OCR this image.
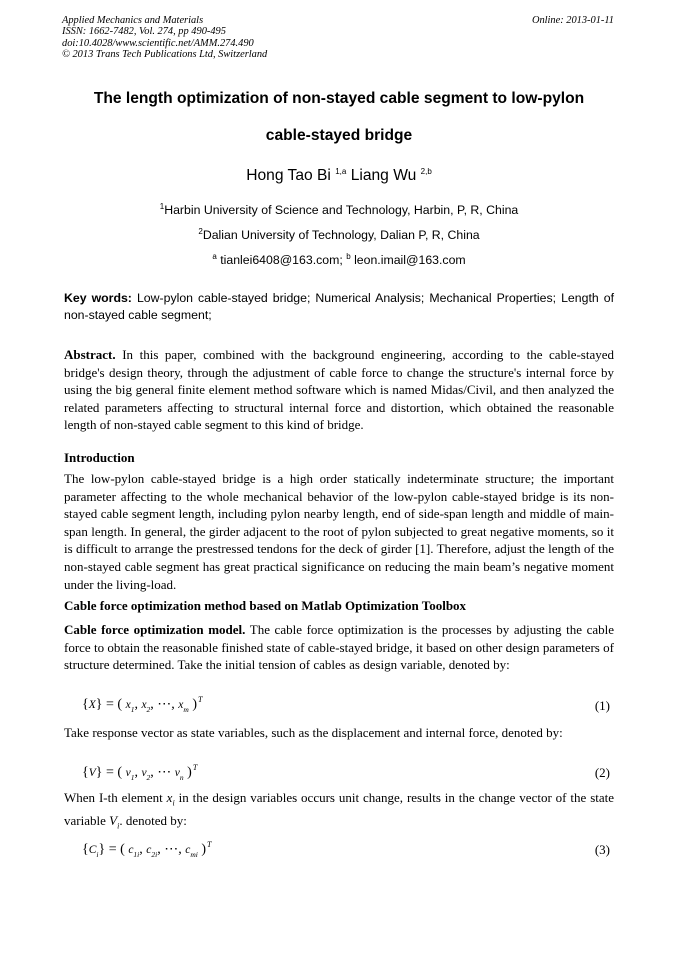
Applied Mechanics and Materials
ISSN: 1662-7482, Vol. 274, pp 490-495
doi:10.4028/www.scientific.net/AMM.274.490
© 2013 Trans Tech Publications Ltd, Switzerland
Online: 2013-01-11
The length optimization of non-stayed cable segment to low-pylon
cable-stayed bridge
Hong Tao Bi $^{1,a}$ Liang Wu $^{2,b}$
$^1$Harbin University of Science and Technology, Harbin, P, R, China
$^2$Dalian University of Technology, Dalian P, R, China
$^a$ tianlei6408@163.com; $^b$ leon.imail@163.com
Key words: Low-pylon cable-stayed bridge; Numerical Analysis; Mechanical Properties; Length of non-stayed cable segment;
Abstract. In this paper, combined with the background engineering, according to the cable-stayed bridge's design theory, through the adjustment of cable force to change the structure's internal force by using the big general finite element method software which is named Midas/Civil, and then analyzed the related parameters affecting to structural internal force and distortion, which obtained the reasonable length of non-stayed cable segment to this kind of bridge.
Introduction
The low-pylon cable-stayed bridge is a high order statically indeterminate structure; the important parameter affecting to the whole mechanical behavior of the low-pylon cable-stayed bridge is its non-stayed cable segment length, including pylon nearby length, end of side-span length and middle of main-span length. In general, the girder adjacent to the root of pylon subjected to great negative moments, so it is difficult to arrange the prestressed tendons for the deck of girder [1]. Therefore, adjust the length of the non-stayed cable segment has great practical significance on reducing the main beam’s negative moment under the living-load.
Cable force optimization method based on Matlab Optimization Toolbox
Cable force optimization model. The cable force optimization is the processes by adjusting the cable force to obtain the reasonable finished state of cable-stayed bridge, it based on other design parameters of structure determined. Take the initial tension of cables as design variable, denoted by:
{X} = ( $x_1$, $x_2$, ⋯, $x_m$ )$^T$	(1)
Take response vector as state variables, such as the displacement and internal force, denoted by:
{V} = ( $v_1$, $v_2$, ⋯ $v_n$ )$^T$	(2)
When I-th element $x_i$ in the design variables occurs unit change, results in the change vector of the state variable $V_i$. denoted by:
$\{C_i\}$ = ( $c_{1i}$, $c_{2i}$, ⋯, $c_{mi}$ )$^T$	(3)
